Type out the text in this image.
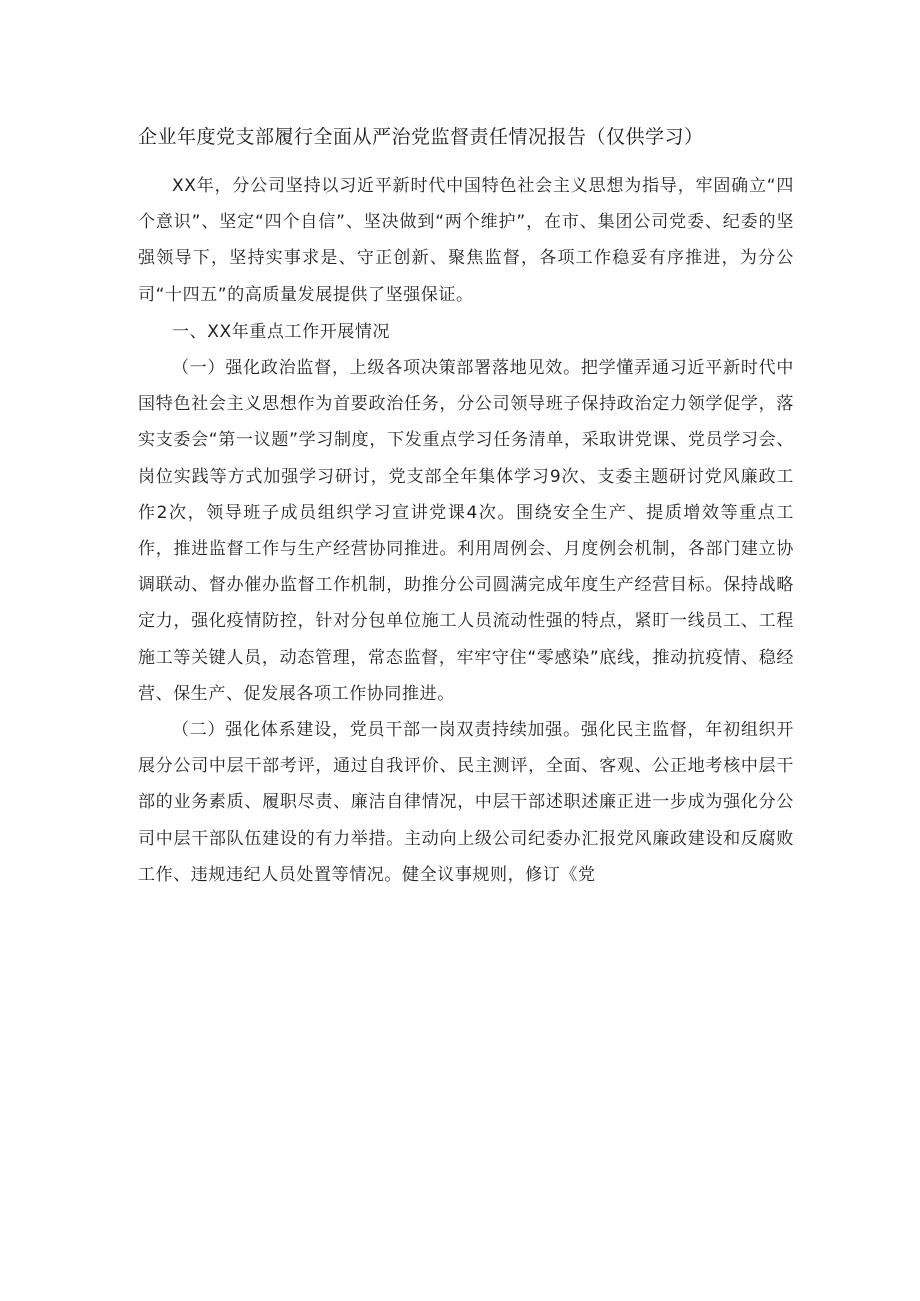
企业年度党支部履行全面从严治党监督责任情况报告（仅供学习）

XX年，分公司坚持以习近平新时代中国特色社会主义思想为指导，牢固确立“四个意识”、坚定“四个自信”、坚决做到“两个维护”，在市、集团公司党委、纪委的坚强领导下，坚持实事求是、守正创新、聚焦监督，各项工作稳妥有序推进，为分公司“十四五”的高质量发展提供了坚强保证。

一、XX年重点工作开展情况

（一）强化政治监督，上级各项决策部署落地见效。把学懂弄通习近平新时代中国特色社会主义思想作为首要政治任务，分公司领导班子保持政治定力领学促学，落实支委会“第一议题”学习制度，下发重点学习任务清单，采取讲党课、党员学习会、岗位实践等方式加强学习研讨，党支部全年集体学习9次、支委主题研讨党风廉政工作2次，领导班子成员组织学习宣讲党课4次。围绕安全生产、提质增效等重点工作，推进监督工作与生产经营协同推进。利用周例会、月度例会机制，各部门建立协调联动、督办催办监督工作机制，助推分公司圆满完成年度生产经营目标。保持战略定力，强化疫情防控，针对分包单位施工人员流动性强的特点，紧盯一线员工、工程施工等关键人员，动态管理，常态监督，牢牢守住“零感染”底线，推动抗疫情、稳经营、保生产、促发展各项工作协同推进。

（二）强化体系建设，党员干部一岗双责持续加强。强化民主监督，年初组织开展分公司中层干部考评，通过自我评价、民主测评，全面、客观、公正地考核中层干部的业务素质、履职尽责、廉洁自律情况，中层干部述职述廉正进一步成为强化分公司中层干部队伍建设的有力举措。主动向上级公司纪委办汇报党风廉政建设和反腐败工作、违规违纪人员处置等情况。健全议事规则，修订《党
